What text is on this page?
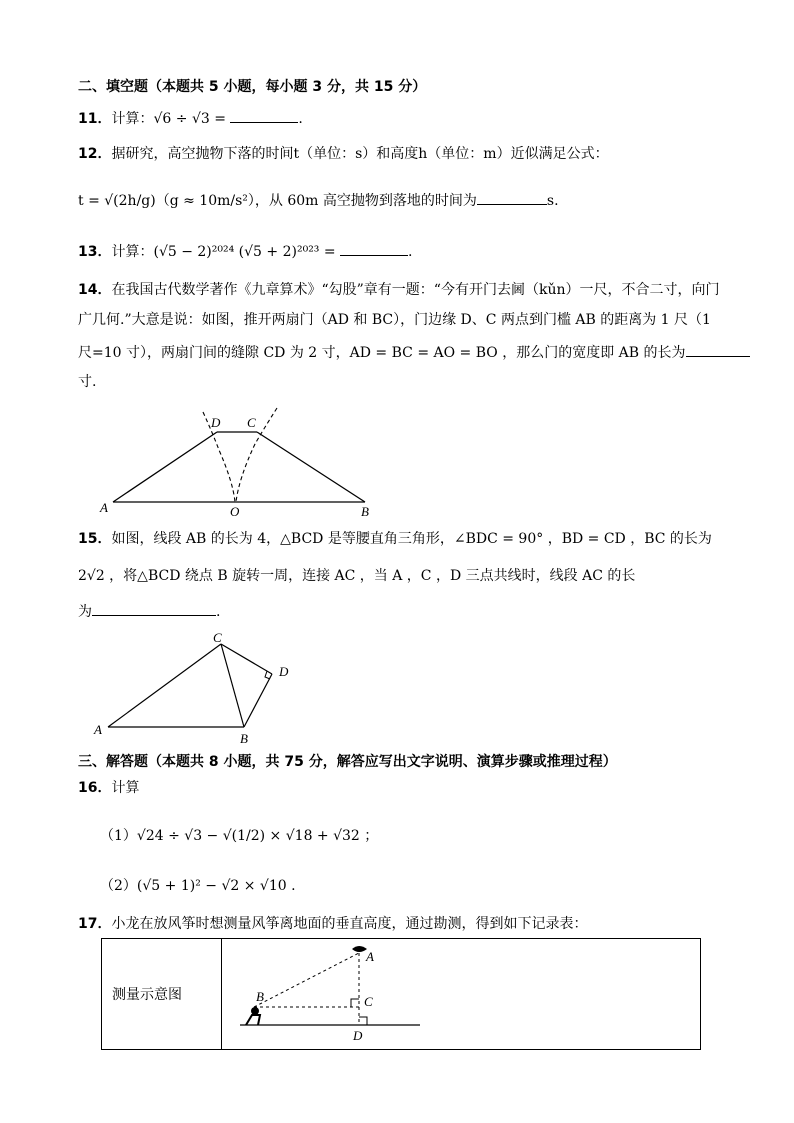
二、填空题（本题共 5 小题，每小题 3 分，共 15 分）
11．计算：√6 ÷ √3 =	.
12．据研究，高空抛物下落的时间t（单位：s）和高度h（单位：m）近似满足公式：
t = √(2h/g)（g ≈ 10m/s²），从 60m 高空抛物到落地的时间为	s.
13．计算：(√5 − 2)²⁰²⁴ (√5 + 2)²⁰²³ =	.
14．在我国古代数学著作《九章算术》“勾股”章有一题：“今有开门去阃（kǔn）一尺，不合二寸，向门
广几何.”大意是说：如图，推开两扇门（AD 和 BC），门边缘 D、C 两点到门槛 AB 的距离为 1 尺（1
尺=10 寸），两扇门间的缝隙 CD 为 2 寸，AD = BC = AO = BO ，那么门的宽度即 AB 的长为
寸.
D C
A	O	B
15．如图，线段 AB 的长为 4，△BCD 是等腰直角三角形，∠BDC = 90° ，BD = CD ，BC 的长为
2√2 ，将△BCD 绕点 B 旋转一周，连接 AC ，当 A ，C ，D 三点共线时，线段 AC 的长
为	.
C
D
A
B
三、解答题（本题共 8 小题，共 75 分，解答应写出文字说明、演算步骤或推理过程）
16．计算
（1）√24 ÷ √3 − √(1/2) × √18 + √32 ；
（2）(√5 + 1)² − √2 × √10 .
17．小龙在放风筝时想测量风筝离地面的垂直高度，通过勘测，得到如下记录表：
测量示意图	
A
B	C
D
